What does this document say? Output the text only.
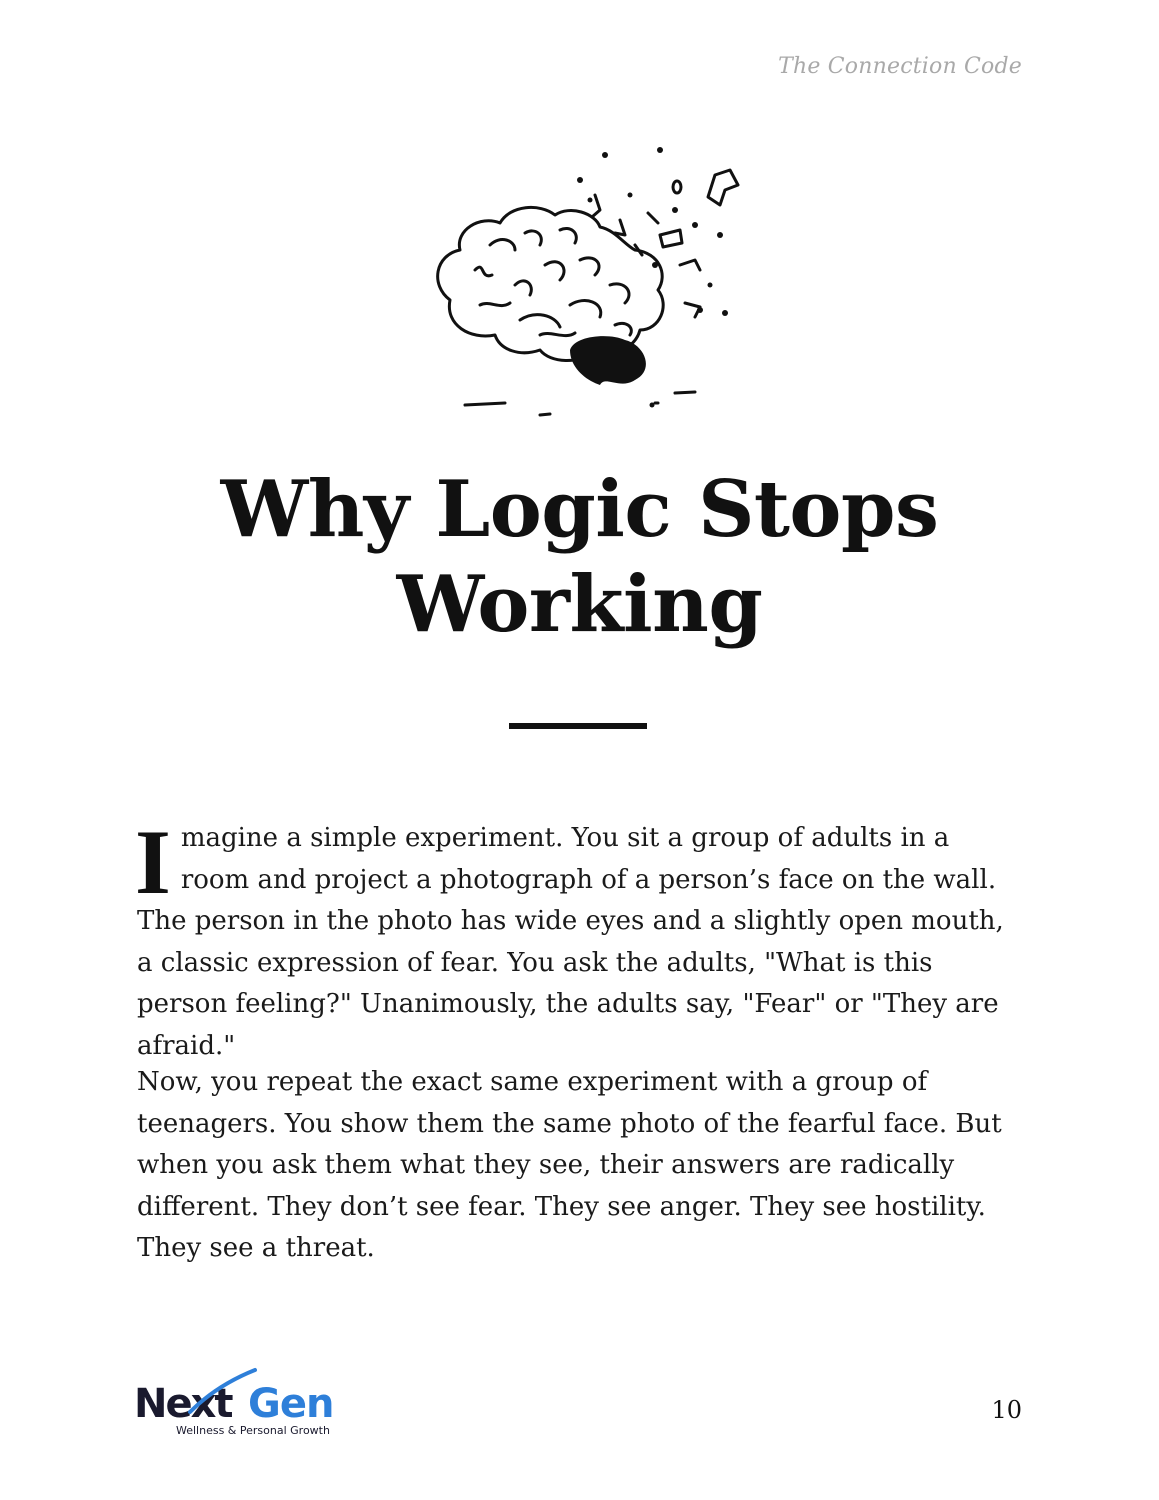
The Connection Code
Why Logic Stops
Working

Imagine a simple experiment. You sit a group of adults in a room and project a photograph of a person’s face on the wall. The person in the photo has wide eyes and a slightly open mouth, a classic expression of fear. You ask the adults, "What is this person feeling?" Unanimously, the adults say, "Fear" or "They are afraid."

Now, you repeat the exact same experiment with a group of teenagers. You show them the same photo of the fearful face. But when you ask them what they see, their answers are radically different. They don’t see fear. They see anger. They see hostility. They see a threat.

Next Gen
Wellness & Personal Growth
10
